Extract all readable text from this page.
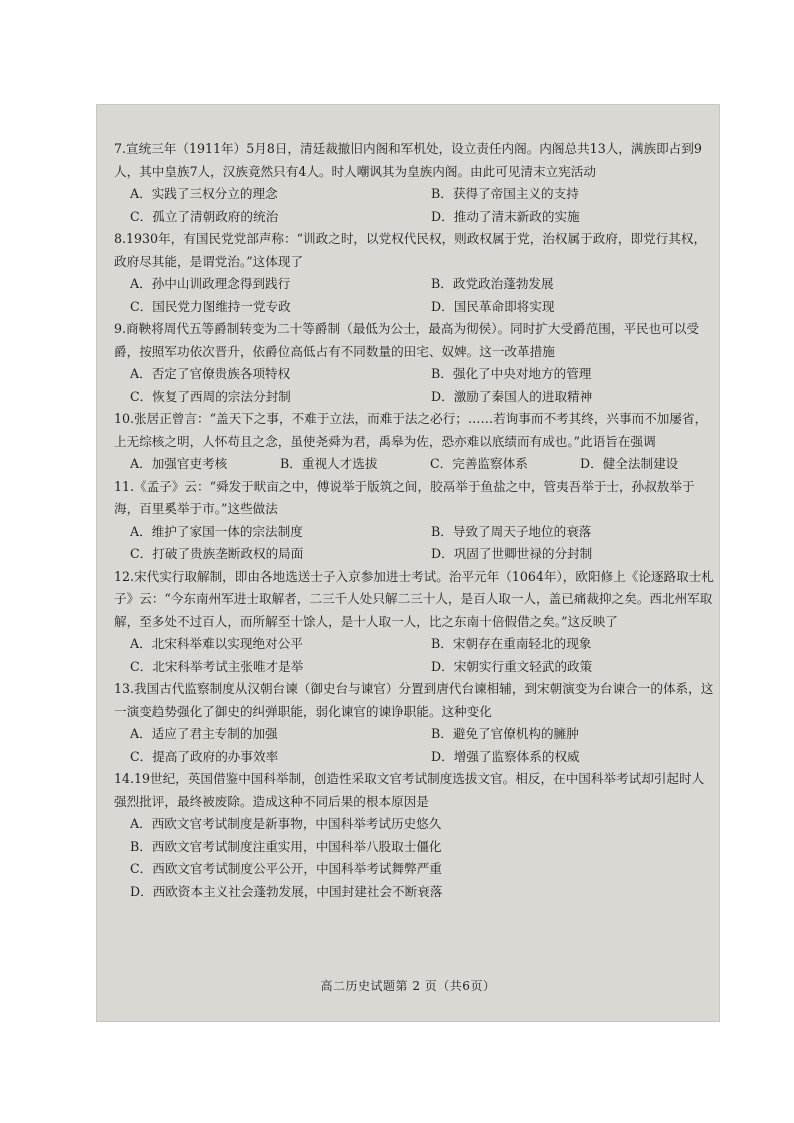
7.宣统三年（1911年）5月8日，清廷裁撤旧内阁和军机处，设立责任内阁。内阁总共13人，满族即占到9人，其中皇族7人，汉族竟然只有4人。时人嘲讽其为皇族内阁。由此可见清末立宪活动

A．实践了三权分立的理念	B．获得了帝国主义的支持
C．孤立了清朝政府的统治	D．推动了清末新政的实施

8.1930年，有国民党党部声称：“训政之时，以党权代民权，则政权属于党，治权属于政府，即党行其权，政府尽其能，是谓党治。”这体现了

A．孙中山训政理念得到践行	B．政党政治蓬勃发展
C．国民党力图维持一党专政	D．国民革命即将实现

9.商鞅将周代五等爵制转变为二十等爵制（最低为公士，最高为彻侯）。同时扩大受爵范围，平民也可以受爵，按照军功依次晋升，依爵位高低占有不同数量的田宅、奴婢。这一改革措施

A．否定了官僚贵族各项特权	B．强化了中央对地方的管理
C．恢复了西周的宗法分封制	D．激励了秦国人的进取精神

10.张居正曾言：“盖天下之事，不难于立法，而难于法之必行；……若询事而不考其终，兴事而不加屡省，上无综核之明，人怀苟且之念，虽使尧舜为君，禹皋为佐，恐亦难以底绩而有成也。”此语旨在强调

A．加强官吏考核	B．重视人才选拔	C．完善监察体系	D．健全法制建设

11.《孟子》云：“舜发于畎亩之中，傅说举于版筑之间，胶鬲举于鱼盐之中，管夷吾举于士，孙叔敖举于海，百里奚举于市。”这些做法

A．维护了家国一体的宗法制度	B．导致了周天子地位的衰落
C．打破了贵族垄断政权的局面	D．巩固了世卿世禄的分封制

12.宋代实行取解制，即由各地选送士子入京参加进士考试。治平元年（1064年），欧阳修上《论逐路取士札子》云：“今东南州军进士取解者，二三千人处只解二三十人，是百人取一人，盖已痛裁抑之矣。西北州军取解，至多处不过百人，而所解至十馀人，是十人取一人，比之东南十倍假借之矣。”这反映了

A．北宋科举难以实现绝对公平	B．宋朝存在重南轻北的现象
C．北宋科举考试主张唯才是举	D．宋朝实行重文轻武的政策

13.我国古代监察制度从汉朝台谏（御史台与谏官）分置到唐代台谏相辅，到宋朝演变为台谏合一的体系，这一演变趋势强化了御史的纠弹职能，弱化谏官的谏诤职能。这种变化

A．适应了君主专制的加强	B．避免了官僚机构的臃肿
C．提高了政府的办事效率	D．增强了监察体系的权威

14.19世纪，英国借鉴中国科举制，创造性采取文官考试制度选拔文官。相反，在中国科举考试却引起时人强烈批评，最终被废除。造成这种不同后果的根本原因是

A．西欧文官考试制度是新事物，中国科举考试历史悠久
B．西欧文官考试制度注重实用，中国科举八股取士僵化
C．西欧文官考试制度公平公开，中国科举考试舞弊严重
D．西欧资本主义社会蓬勃发展，中国封建社会不断衰落
高二历史试题第 2 页（共6页）
